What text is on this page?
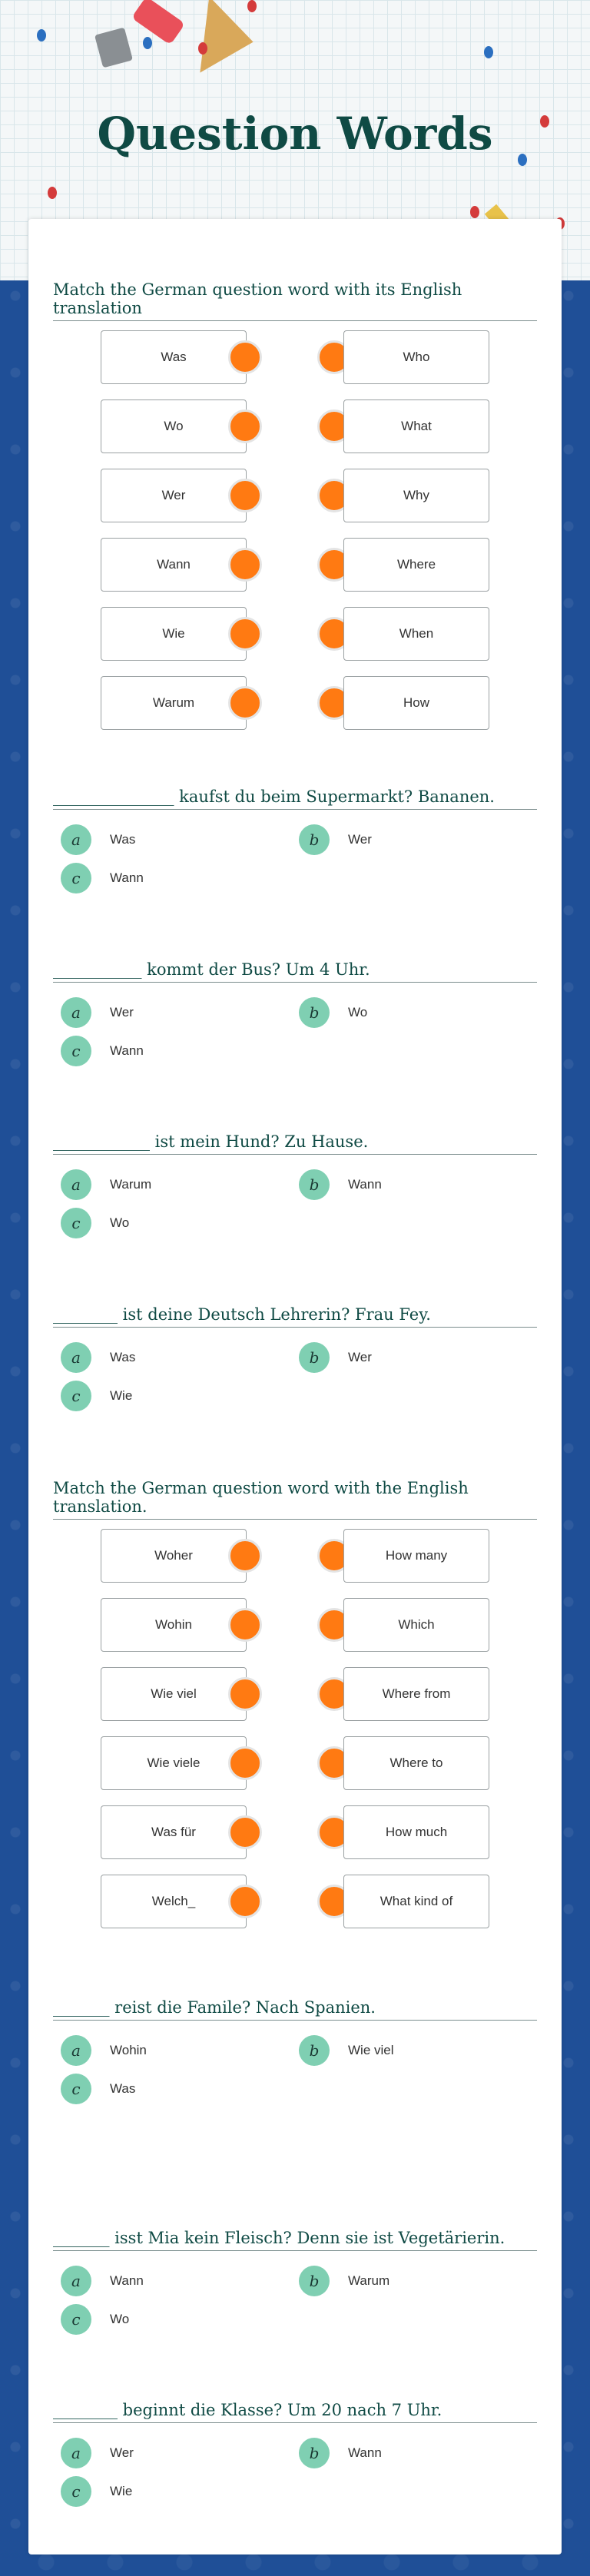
Question Words
Match the German question word with its English translation
Was	Who
Wo	What
Wer	Why
Wann	Where
Wie	When
Warum	How
_______________ kaufst du beim Supermarkt? Bananen.
a	Was	b	Wer
c	Wann
___________ kommt der Bus? Um 4 Uhr.
a	Wer	b	Wo
c	Wann
____________ ist mein Hund? Zu Hause.
a	Warum	b	Wann
c	Wo
________ ist deine Deutsch Lehrerin? Frau Fey.
a	Was	b	Wer
c	Wie
Match the German question word with the English translation.
Woher	How many
Wohin	Which
Wie viel	Where from
Wie viele	Where to
Was für	How much
Welch_	What kind of
_______ reist die Famile? Nach Spanien.
a	Wohin	b	Wie viel
c	Was
_______ isst Mia kein Fleisch? Denn sie ist Vegetärierin.
a	Wann	b	Warum
c	Wo
________ beginnt die Klasse? Um 20 nach 7 Uhr.
a	Wer	b	Wann
c	Wie
